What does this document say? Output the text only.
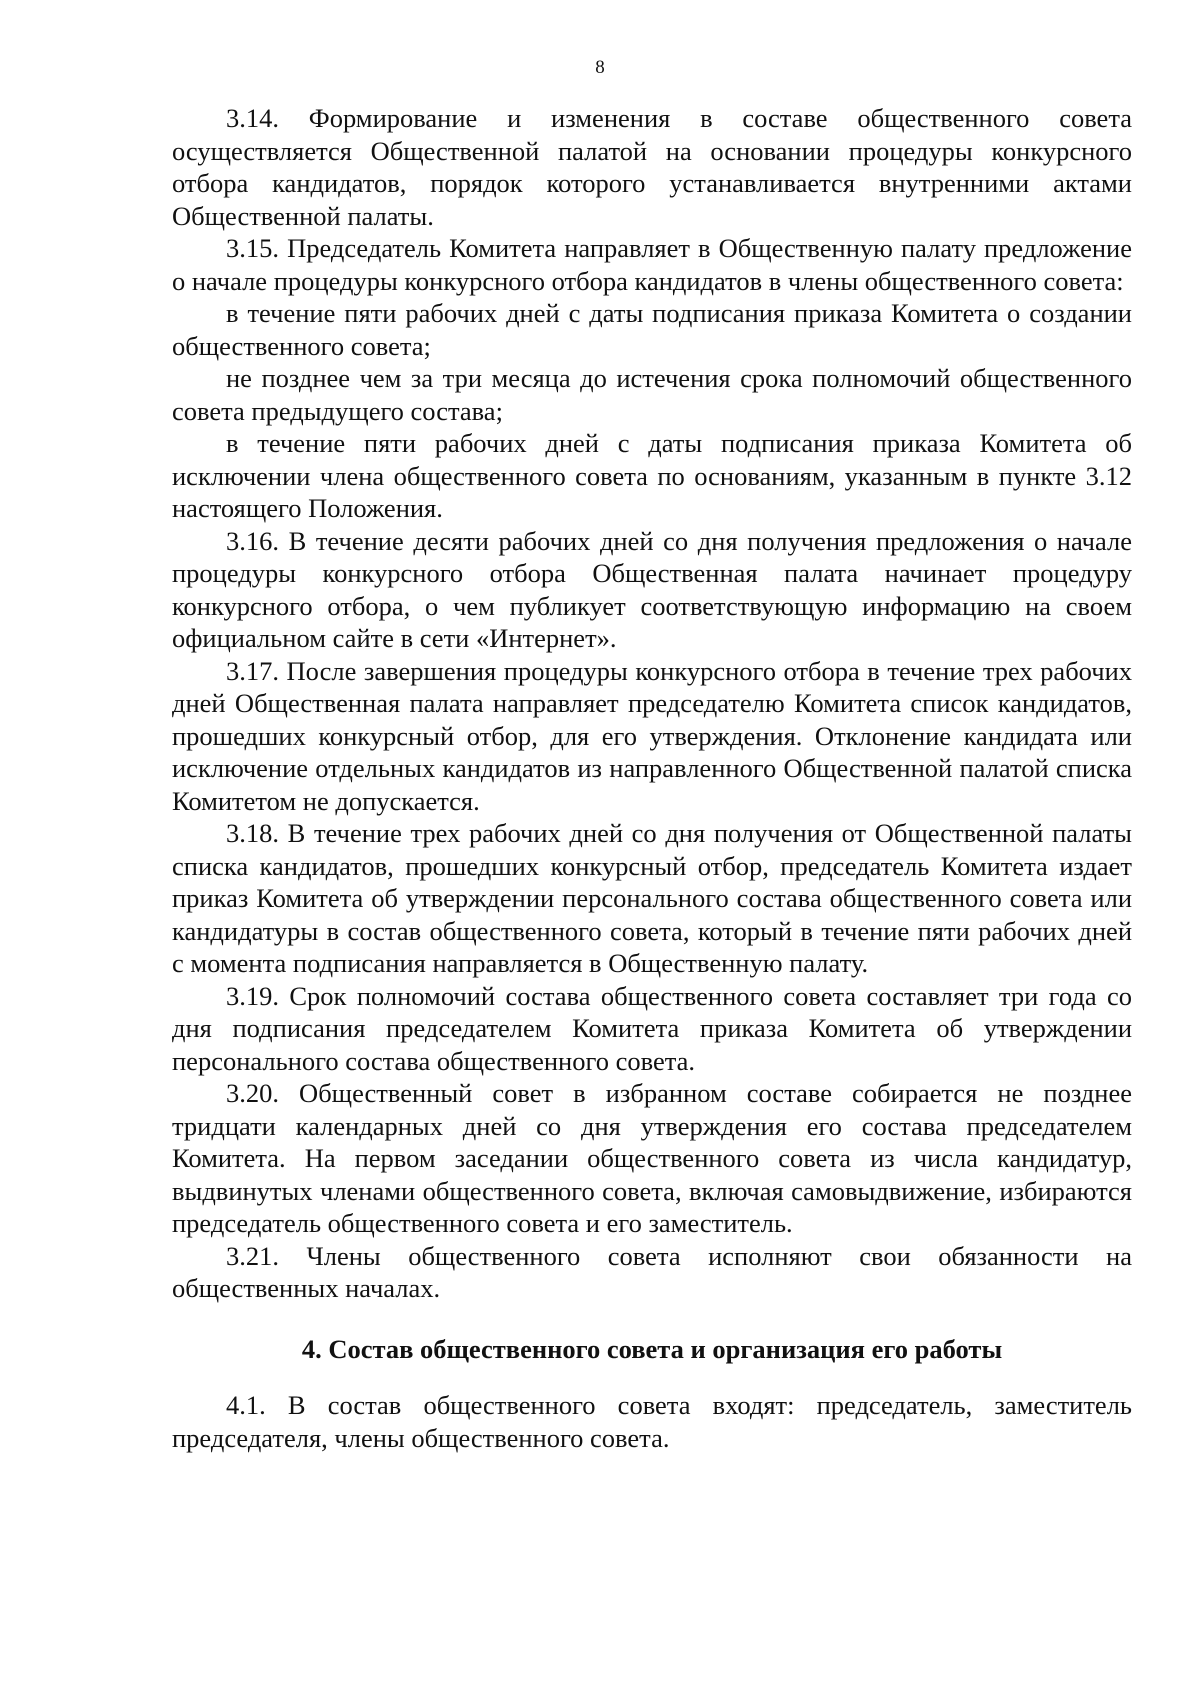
8

3.14. Формирование и изменения в составе общественного совета осуществляется Общественной палатой на основании процедуры конкурсного отбора кандидатов, порядок которого устанавливается внутренними актами Общественной палаты.

3.15. Председатель Комитета направляет в Общественную палату предложение о начале процедуры конкурсного отбора кандидатов в члены общественного совета:

в течение пяти рабочих дней с даты подписания приказа Комитета о создании общественного совета;

не позднее чем за три месяца до истечения срока полномочий общественного совета предыдущего состава;

в течение пяти рабочих дней с даты подписания приказа Комитета об исключении члена общественного совета по основаниям, указанным в пункте 3.12 настоящего Положения.

3.16. В течение десяти рабочих дней со дня получения предложения о начале процедуры конкурсного отбора Общественная палата начинает процедуру конкурсного отбора, о чем публикует соответствующую информацию на своем официальном сайте в сети «Интернет».

3.17. После завершения процедуры конкурсного отбора в течение трех рабочих дней Общественная палата направляет председателю Комитета список кандидатов, прошедших конкурсный отбор, для его утверждения. Отклонение кандидата или исключение отдельных кандидатов из направленного Общественной палатой списка Комитетом не допускается.

3.18. В течение трех рабочих дней со дня получения от Общественной палаты списка кандидатов, прошедших конкурсный отбор, председатель Комитета издает приказ Комитета об утверждении персонального состава общественного совета или кандидатуры в состав общественного совета, который в течение пяти рабочих дней с момента подписания направляется в Общественную палату.

3.19. Срок полномочий состава общественного совета составляет три года со дня подписания председателем Комитета приказа Комитета об утверждении персонального состава общественного совета.

3.20. Общественный совет в избранном составе собирается не позднее тридцати календарных дней со дня утверждения его состава председателем Комитета. На первом заседании общественного совета из числа кандидатур, выдвинутых членами общественного совета, включая самовыдвижение, избираются председатель общественного совета и его заместитель.

3.21. Члены общественного совета исполняют свои обязанности на общественных началах.

4. Состав общественного совета и организация его работы

4.1. В состав общественного совета входят: председатель, заместитель председателя, члены общественного совета.
